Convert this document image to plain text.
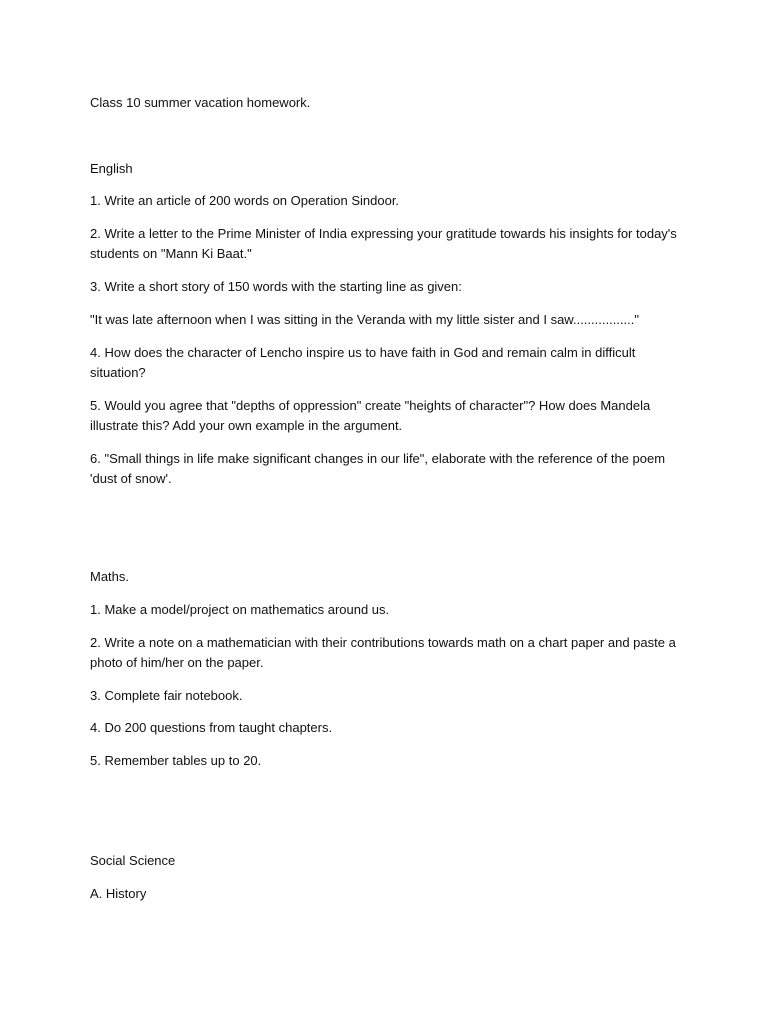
Class 10 summer vacation homework.
English
1. Write an article of 200 words on Operation Sindoor.
2. Write a letter to the Prime Minister of India expressing your gratitude towards his insights for today's students on "Mann Ki Baat."
3. Write a short story of 150 words with the starting line as given:
"It was late afternoon when I was sitting in the Veranda with my little sister and I saw................."
4. How does the character of Lencho inspire us to have faith in God and remain calm in difficult situation?
5. Would you agree that "depths of oppression" create "heights of character"? How does Mandela illustrate this? Add your own example in the argument.
6. "Small things in life make significant changes in our life", elaborate with the reference of the poem 'dust of snow'.
Maths.
1. Make a model/project on mathematics around us.
2. Write a note on a mathematician with their contributions towards math on a chart paper and paste a photo of him/her on the paper.
3. Complete fair notebook.
4. Do 200 questions from taught chapters.
5. Remember tables up to 20.
Social Science
A. History
